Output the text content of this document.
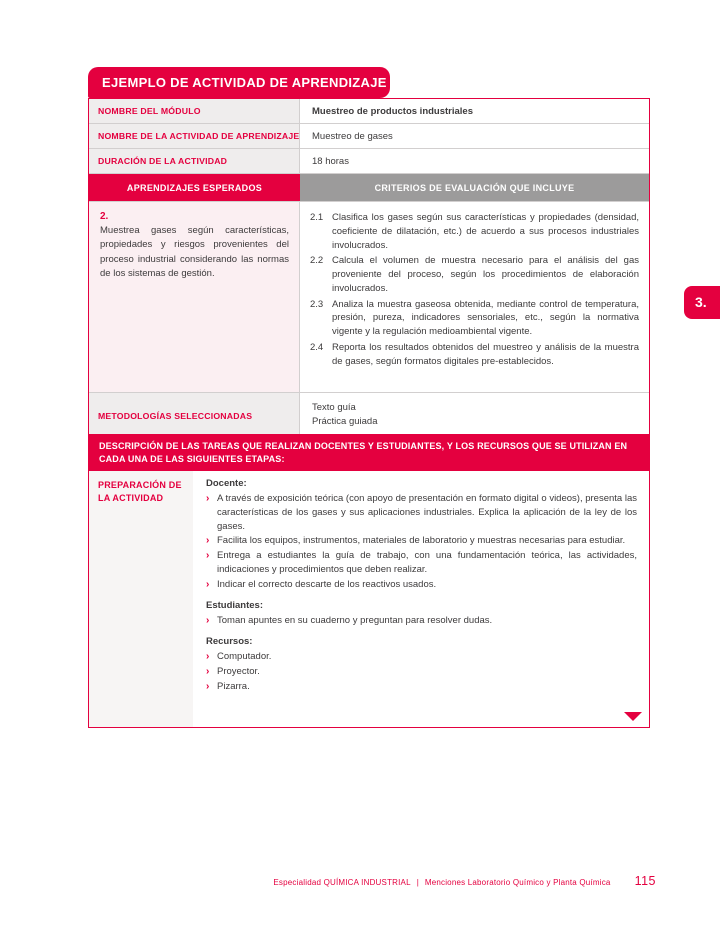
EJEMPLO DE ACTIVIDAD DE APRENDIZAJE
NOMBRE DEL MÓDULO	Muestreo de productos industriales
NOMBRE DE LA ACTIVIDAD DE APRENDIZAJE	Muestreo de gases
DURACIÓN DE LA ACTIVIDAD	18 horas
APRENDIZAJES ESPERADOS	CRITERIOS DE EVALUACIÓN QUE INCLUYE
2.
Muestrea gases según características, propiedades y riesgos provenientes del proceso industrial considerando las normas de los sistemas de gestión.
2.1 Clasifica los gases según sus características y propiedades (densidad, coeficiente de dilatación, etc.) de acuerdo a sus procesos industriales involucrados.
2.2 Calcula el volumen de muestra necesario para el análisis del gas proveniente del proceso, según los procedimientos de elaboración involucrados.
2.3 Analiza la muestra gaseosa obtenida, mediante control de temperatura, presión, pureza, indicadores sensoriales, etc., según la normativa vigente y la regulación medioambiental vigente.
2.4 Reporta los resultados obtenidos del muestreo y análisis de la muestra de gases, según formatos digitales pre-establecidos.
METODOLOGÍAS SELECCIONADAS
Texto guía
Práctica guiada
DESCRIPCIÓN DE LAS TAREAS QUE REALIZAN DOCENTES Y ESTUDIANTES, Y LOS RECURSOS QUE SE UTILIZAN EN CADA UNA DE LAS SIGUIENTES ETAPAS:
PREPARACIÓN DE LA ACTIVIDAD
Docente:
› A través de exposición teórica (con apoyo de presentación en formato digital o videos), presenta las características de los gases y sus aplicaciones industriales. Explica la aplicación de la ley de los gases.
› Facilita los equipos, instrumentos, materiales de laboratorio y muestras necesarias para estudiar.
› Entrega a estudiantes la guía de trabajo, con una fundamentación teórica, las actividades, indicaciones y procedimientos que deben realizar.
› Indicar el correcto descarte de los reactivos usados.
Estudiantes:
› Toman apuntes en su cuaderno y preguntan para resolver dudas.
Recursos:
› Computador.
› Proyector.
› Pizarra.
3.
Especialidad QUÍMICA INDUSTRIAL | Menciones Laboratorio Químico y Planta Química 115
